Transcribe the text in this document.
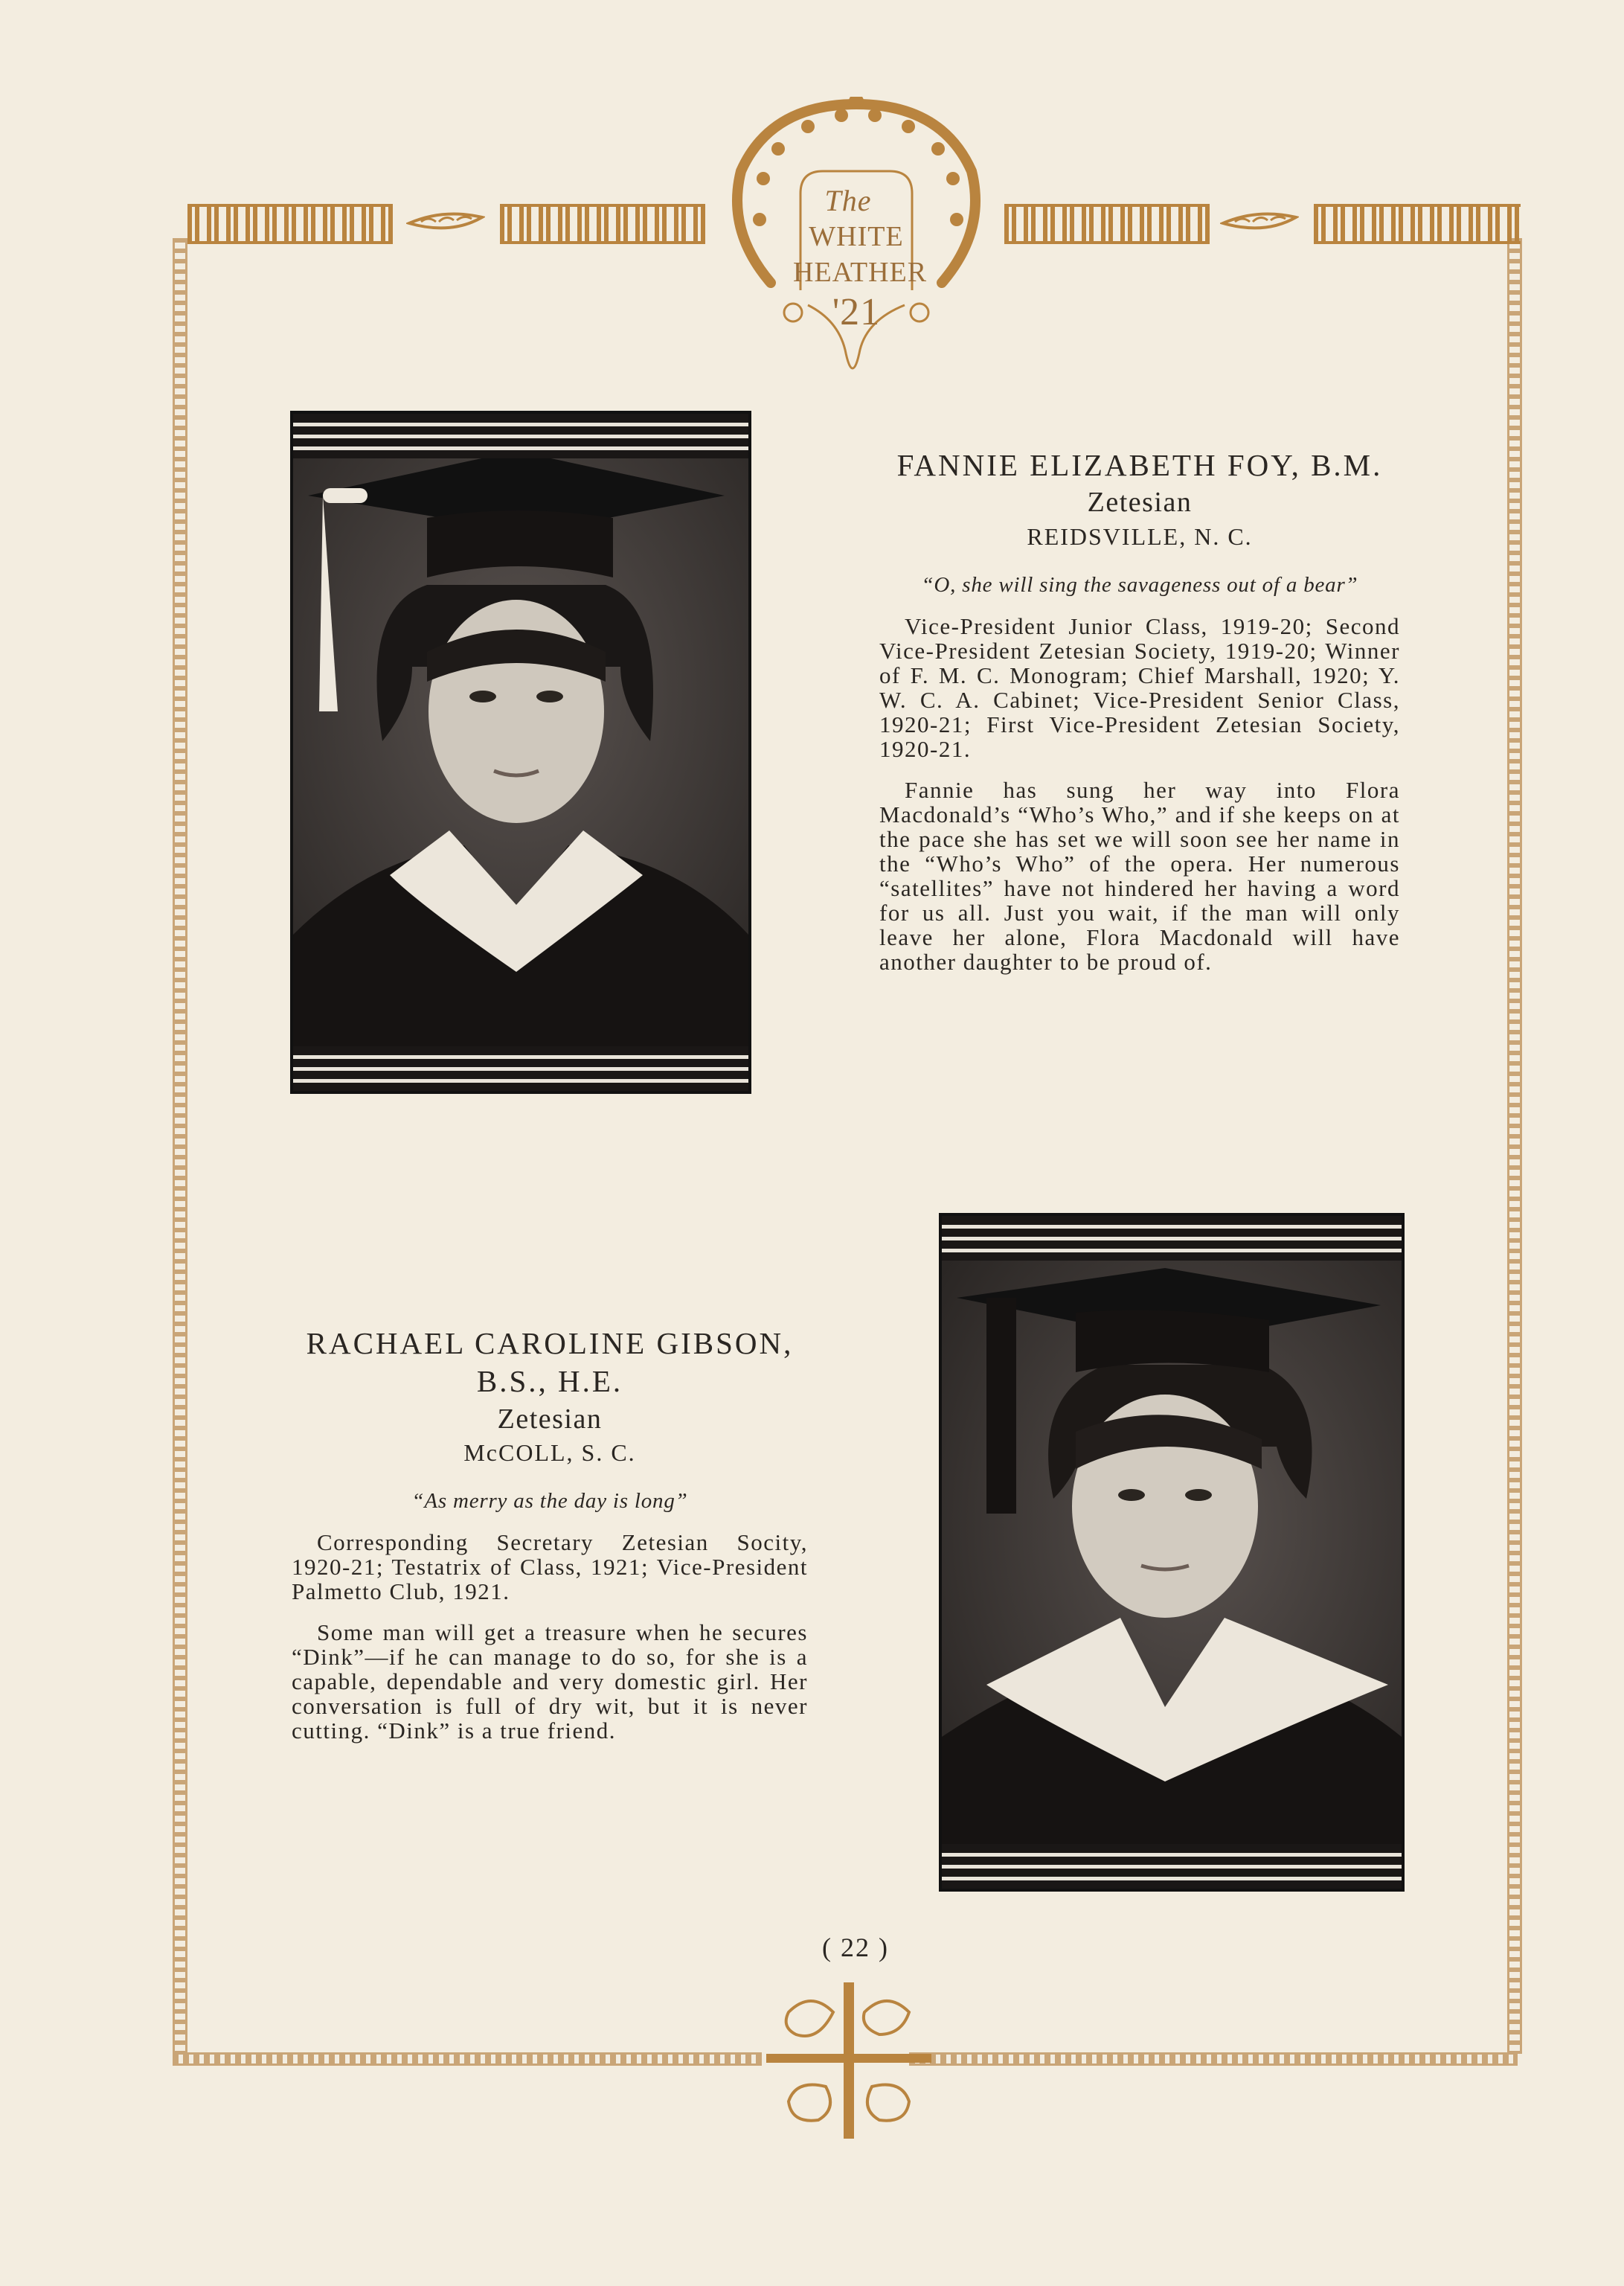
The
WHITE
HEATHER
'21
FANNIE ELIZABETH FOY, B.M.
Zetesian
REIDSVILLE, N. C.
“O, she will sing the savageness out of a bear”

Vice-President Junior Class, 1919-20; Second Vice-President Zetesian Society, 1919-20; Winner of F. M. C. Monogram; Chief Marshall, 1920; Y. W. C. A. Cabinet; Vice-President Senior Class, 1920-21; First Vice-President Zetesian Society, 1920-21.

Fannie has sung her way into Flora Macdonald’s “Who’s Who,” and if she keeps on at the pace she has set we will soon see her name in the “Who’s Who” of the opera. Her numerous “satellites” have not hindered her having a word for us all. Just you wait, if the man will only leave her alone, Flora Macdonald will have another daughter to be proud of.

RACHAEL CAROLINE GIBSON,
B.S., H.E.
Zetesian
McCOLL, S. C.
“As merry as the day is long”

Corresponding Secretary Zetesian Socity, 1920-21; Testatrix of Class, 1921; Vice-President Palmetto Club, 1921.

Some man will get a treasure when he secures “Dink”—if he can manage to do so, for she is a capable, dependable and very domestic girl. Her conversation is full of dry wit, but it is never cutting. “Dink” is a true friend.

( 22 )
